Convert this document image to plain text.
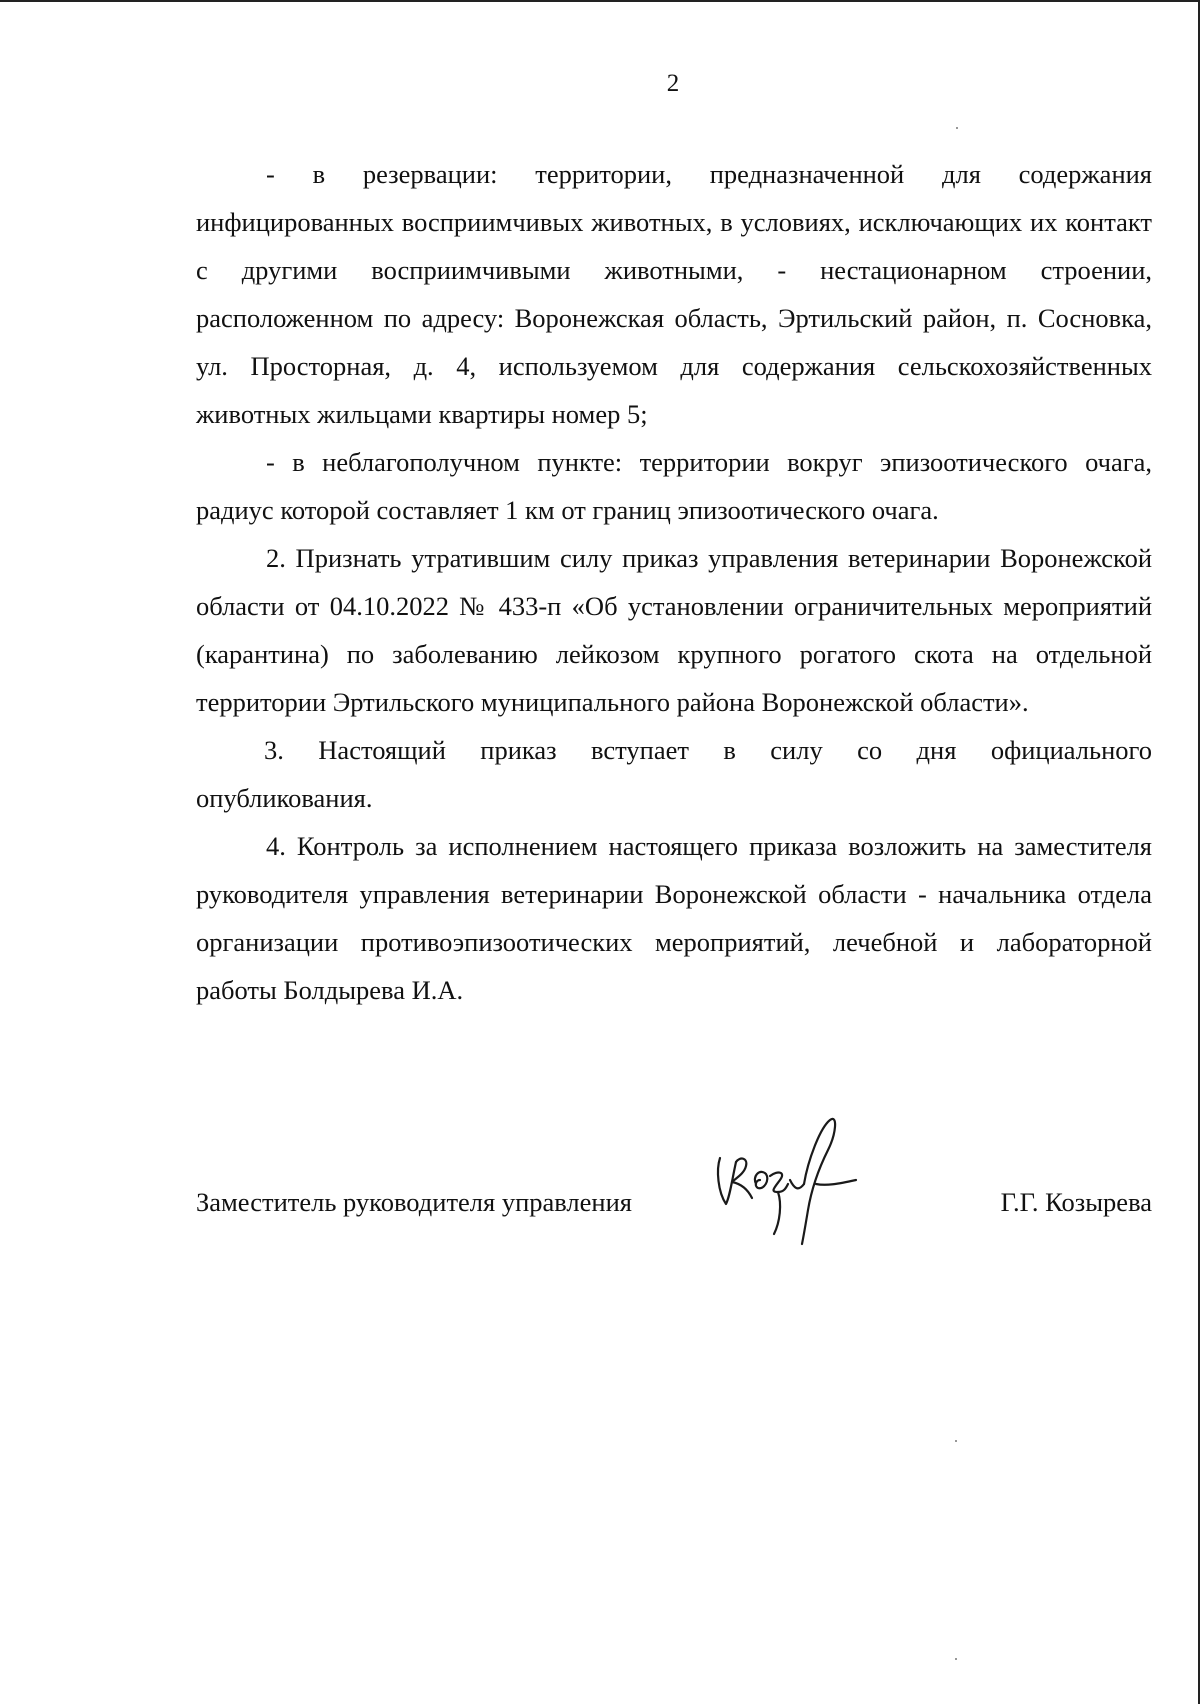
2

- в резервации: территории, предназначенной для содержания инфицированных восприимчивых животных, в условиях, исключающих их контакт с другими восприимчивыми животными, - нестационарном строении, расположенном по адресу: Воронежская область, Эртильский район, п. Сосновка, ул. Просторная, д. 4, используемом для содержания сельскохозяйственных животных жильцами квартиры номер 5;

- в неблагополучном пункте: территории вокруг эпизоотического очага, радиус которой составляет 1 км от границ эпизоотического очага.

2. Признать утратившим силу приказ управления ветеринарии Воронежской области от 04.10.2022 № 433-п «Об установлении ограничительных мероприятий (карантина) по заболеванию лейкозом крупного рогатого скота на отдельной территории Эртильского муниципального района Воронежской области».

3. Настоящий приказ вступает в силу со дня официального опубликования.

4. Контроль за исполнением настоящего приказа возложить на заместителя руководителя управления ветеринарии Воронежской области - начальника отдела организации противоэпизоотических мероприятий, лечебной и лабораторной работы Болдырева И.А.

Заместитель руководителя управления	Г.Г. Козырева
